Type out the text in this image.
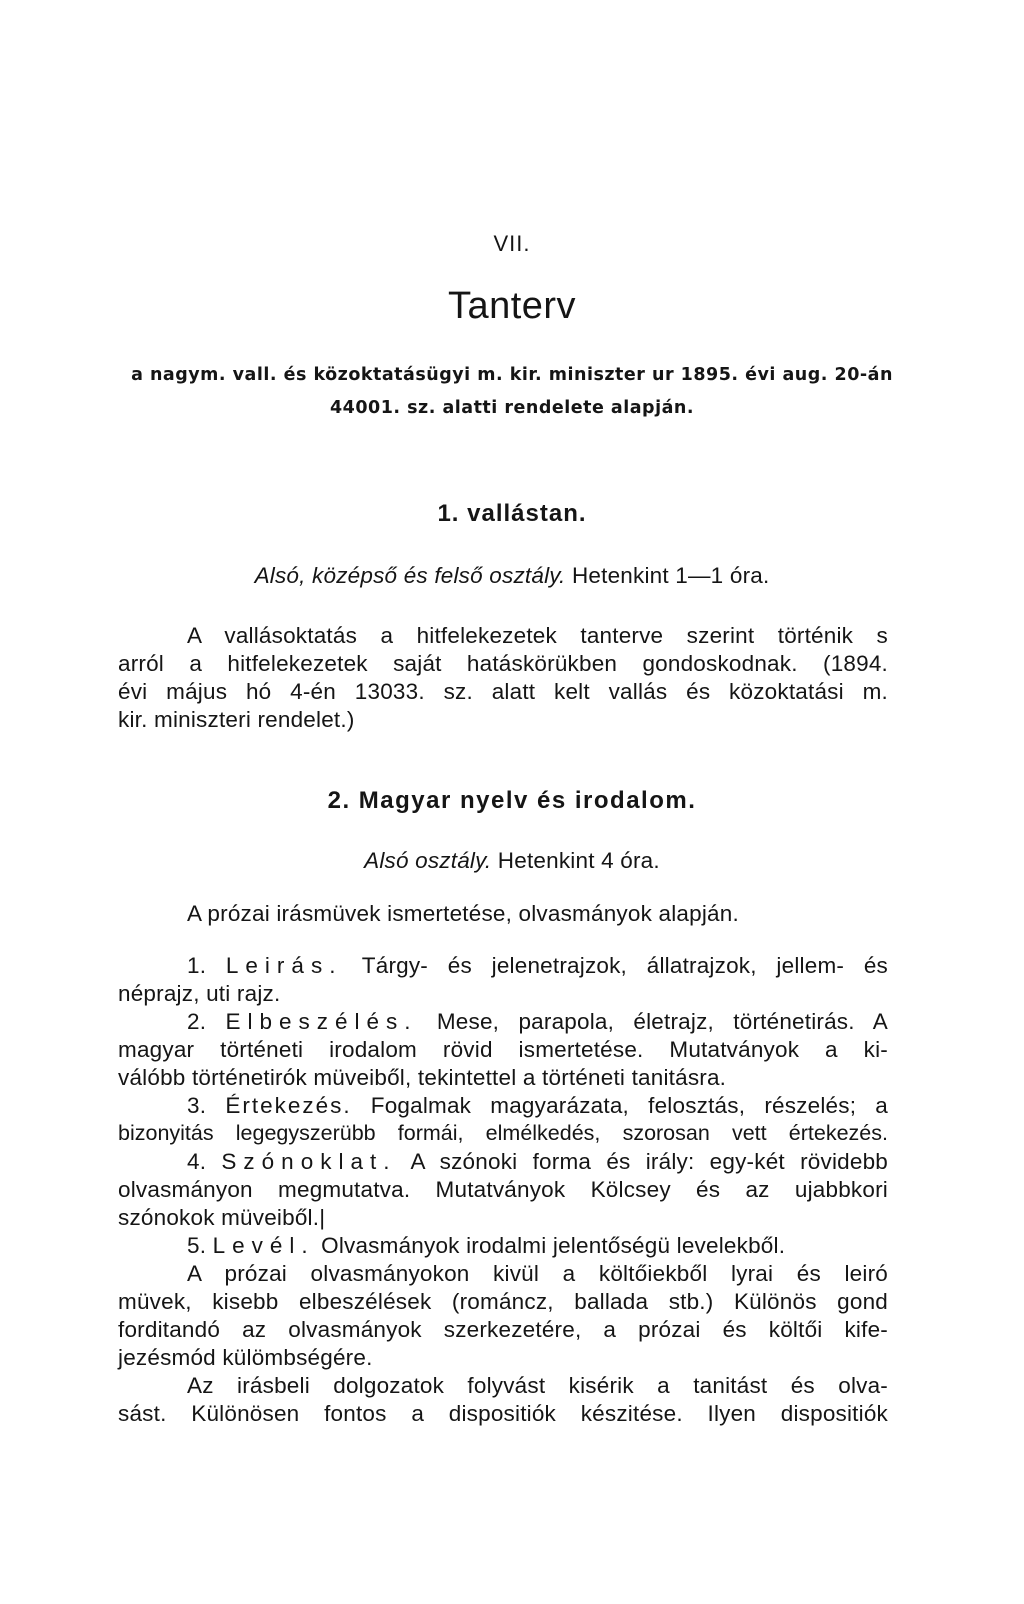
VII.
Tanterv
a nagym. vall. és közoktatásügyi m. kir. miniszter ur 1895. évi aug. 20-án
44001. sz. alatti rendelete alapján.
1. vallástan.
Alsó, középső és felső osztály. Hetenkint 1—1 óra.
A vallásoktatás a hitfelekezetek tanterve szerint történik s
arról a hitfelekezetek saját hatáskörükben gondoskodnak. (1894.
évi május hó 4-én 13033. sz. alatt kelt vallás és közoktatási m.
kir. miniszteri rendelet.)
2. Magyar nyelv és irodalom.
Alsó osztály. Hetenkint 4 óra.
A prózai irásmüvek ismertetése, olvasmányok alapján.
1. Leirás. Tárgy- és jelenetrajzok, állatrajzok, jellem- és
néprajz, uti rajz.
2. Elbeszélés. Mese, parapola, életrajz, történetirás. A
magyar történeti irodalom rövid ismertetése. Mutatványok a ki-
válóbb történetirók müveiből, tekintettel a történeti tanitásra.
3. Értekezés. Fogalmak magyarázata, felosztás, részelés; a
bizonyitás legegyszerübb formái, elmélkedés, szorosan vett értekezés.
4. Szónoklat. A szónoki forma és irály: egy-két rövidebb
olvasmányon megmutatva. Mutatványok Kölcsey és az ujabbkori
szónokok müveiből.|
5. Levél. Olvasmányok irodalmi jelentőségü levelekből.
A prózai olvasmányokon kivül a költőiekből lyrai és leiró
müvek, kisebb elbeszélések (románcz, ballada stb.) Különös gond
forditandó az olvasmányok szerkezetére, a prózai és költői kife-
jezésmód külömbségére.
Az irásbeli dolgozatok folyvást kisérik a tanitást és olva-
sást. Különösen fontos a dispositiók készitése. Ilyen dispositiók
